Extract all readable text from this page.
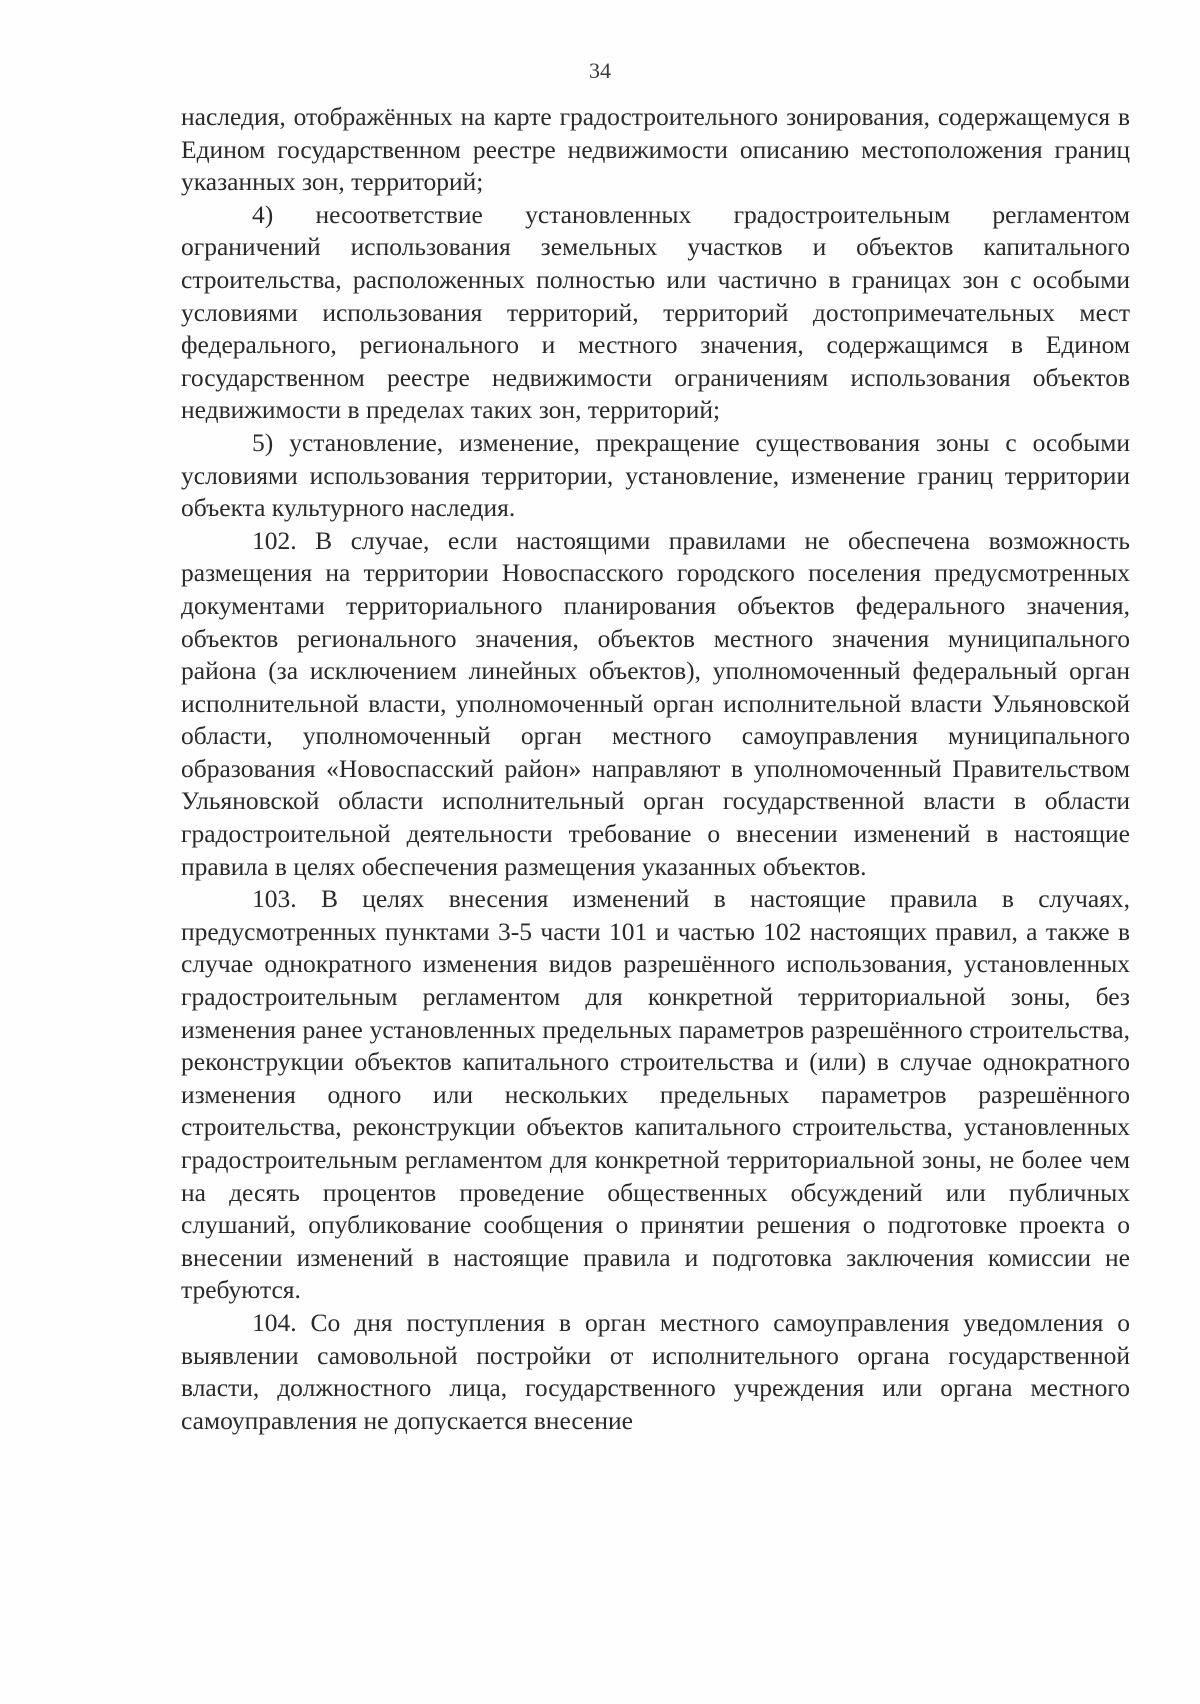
34

наследия, отображённых на карте градостроительного зонирования, содержащемуся в Едином государственном реестре недвижимости описанию местоположения границ указанных зон, территорий;

4) несоответствие установленных градостроительным регламентом ограничений использования земельных участков и объектов капитального строительства, расположенных полностью или частично в границах зон с особыми условиями использования территорий, территорий достопримечательных мест федерального, регионального и местного значения, содержащимся в Едином государственном реестре недвижимости ограничениям использования объектов недвижимости в пределах таких зон, территорий;

5) установление, изменение, прекращение существования зоны с особыми условиями использования территории, установление, изменение границ территории объекта культурного наследия.

102. В случае, если настоящими правилами не обеспечена возможность размещения на территории Новоспасского городского поселения предусмотренных документами территориального планирования объектов федерального значения, объектов регионального значения, объектов местного значения муниципального района (за исключением линейных объектов), уполномоченный федеральный орган исполнительной власти, уполномоченный орган исполнительной власти Ульяновской области, уполномоченный орган местного самоуправления муниципального образования «Новоспасский район» направляют в уполномоченный Правительством Ульяновской области исполнительный орган государственной власти в области градостроительной деятельности требование о внесении изменений в настоящие правила в целях обеспечения размещения указанных объектов.

103. В целях внесения изменений в настоящие правила в случаях, предусмотренных пунктами 3-5 части 101 и частью 102 настоящих правил, а также в случае однократного изменения видов разрешённого использования, установленных градостроительным регламентом для конкретной территориальной зоны, без изменения ранее установленных предельных параметров разрешённого строительства, реконструкции объектов капитального строительства и (или) в случае однократного изменения одного или нескольких предельных параметров разрешённого строительства, реконструкции объектов капитального строительства, установленных градостроительным регламентом для конкретной территориальной зоны, не более чем на десять процентов проведение общественных обсуждений или публичных слушаний, опубликование сообщения о принятии решения о подготовке проекта о внесении изменений в настоящие правила и подготовка заключения комиссии не требуются.

104. Со дня поступления в орган местного самоуправления уведомления о выявлении самовольной постройки от исполнительного органа государственной власти, должностного лица, государственного учреждения или органа местного самоуправления не допускается внесение
